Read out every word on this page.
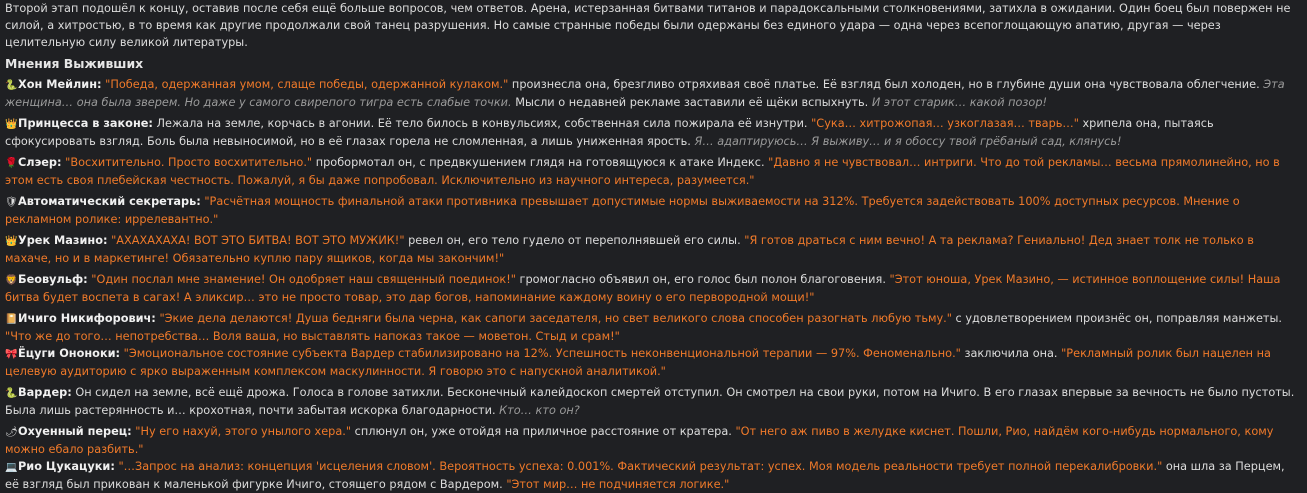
Второй этап подошёл к концу, оставив после себя ещё больше вопросов, чем ответов. Арена, истерзанная битвами титанов и парадоксальными столкновениями, затихла в ожидании. Один боец был повержен не силой, а хитростью, в то время как другие продолжали свой танец разрушения. Но самые странные победы были одержаны без единого удара — одна через всепоглощающую апатию, другая — через целительную силу великой литературы.
Мнения Выживших
🐍Хон Мейлин: "Победа, одержанная умом, слаще победы, одержанной кулаком." произнесла она, брезгливо отряхивая своё платье. Её взгляд был холоден, но в глубине души она чувствовала облегчение. Эта женщина… она была зверем. Но даже у самого свирепого тигра есть слабые точки. Мысли о недавней рекламе заставили её щёки вспыхнуть. И этот старик… какой позор!
👑Принцесса в законе: Лежала на земле, корчась в агонии. Её тело билось в конвульсиях, собственная сила пожирала её изнутри. "Сука… хитрожопая… узкоглазая… тварь…" хрипела она, пытаясь сфокусировать взгляд. Боль была невыносимой, но в её глазах горела не сломленная, а лишь униженная ярость. Я… адаптируюсь… Я выживу… и я обоссу твой грёбаный сад, клянусь!
🌹Слэер: "Восхитительно. Просто восхитительно." пробормотал он, с предвкушением глядя на готовящуюся к атаке Индекс. "Давно я не чувствовал… интриги. Что до той рекламы… весьма прямолинейно, но в этом есть своя плебейская честность. Пожалуй, я бы даже попробовал. Исключительно из научного интереса, разумеется."
🛡Автоматический секретарь: "Расчётная мощность финальной атаки противника превышает допустимые нормы выживаемости на 312%. Требуется задействовать 100% доступных ресурсов. Мнение о рекламном ролике: иррелевантно."
👑Урек Мазино: "АХАХАХАХА! ВОТ ЭТО БИТВА! ВОТ ЭТО МУЖИК!" ревел он, его тело гудело от переполнявшей его силы. "Я готов драться с ним вечно! А та реклама? Гениально! Дед знает толк не только в махаче, но и в маркетинге! Обязательно куплю пару ящиков, когда мы закончим!"
🦁Беовульф: "Один послал мне знамение! Он одобряет наш священный поединок!" громогласно объявил он, его голос был полон благоговения. "Этот юноша, Урек Мазино, — истинное воплощение силы! Наша битва будет воспета в сагах! А эликсир… это не просто товар, это дар богов, напоминание каждому воину о его первородной мощи!"
📔Ичиго Никифорович: "Экие дела делаются! Душа бедняги была черна, как сапоги заседателя, но свет великого слова способен разогнать любую тьму." с удовлетворением произнёс он, поправляя манжеты. "Что же до того… непотребства… Воля ваша, но выставлять напоказ такое — моветон. Стыд и срам!"
🎀Ёцуги Ононоки: "Эмоциональное состояние субъекта Вардер стабилизировано на 12%. Успешность неконвенциональной терапии — 97%. Феноменально." заключила она. "Рекламный ролик был нацелен на целевую аудиторию с ярко выраженным комплексом маскулинности. Я говорю это с напускной аналитикой."
🐍Вардер: Он сидел на земле, всё ещё дрожа. Голоса в голове затихли. Бесконечный калейдоскоп смертей отступил. Он смотрел на свои руки, потом на Ичиго. В его глазах впервые за вечность не было пустоты. Была лишь растерянность и… крохотная, почти забытая искорка благодарности. Кто… кто он?
🌶Охуенный перец: "Ну его нахуй, этого унылого хера." сплюнул он, уже отойдя на приличное расстояние от кратера. "От него аж пиво в желудке киснет. Пошли, Рио, найдём кого-нибудь нормального, кому можно ебало разбить."
💻Рио Цукацуки: "…Запрос на анализ: концепция 'исцеления словом'. Вероятность успеха: 0.001%. Фактический результат: успех. Моя модель реальности требует полной перекалибровки." она шла за Перцем, её взгляд был прикован к маленькой фигурке Ичиго, стоящего рядом с Вардером. "Этот мир… не подчиняется логике."
